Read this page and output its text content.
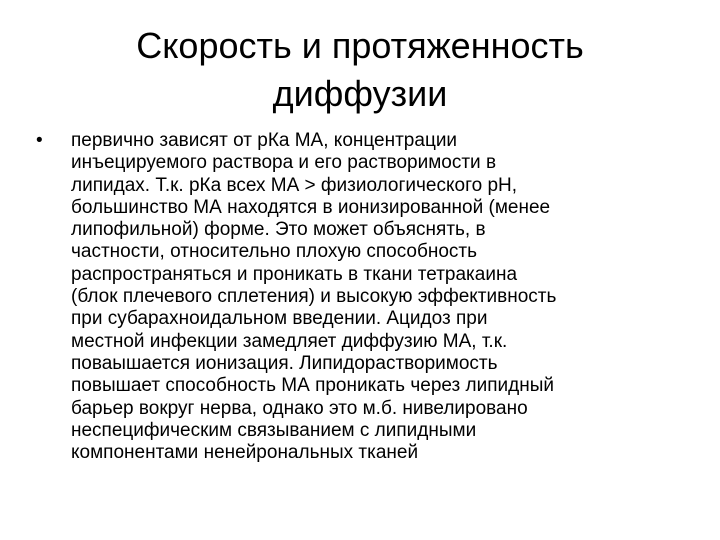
Скорость и протяженность
диффузии
• первично зависят от рКа МА, концентрации
инъецируемого раствора и его растворимости в
липидах. Т.к. рКа всех МА > физиологического рН,
большинство МА находятся в ионизированной (менее
липофильной) форме. Это может объяснять, в
частности, относительно плохую способность
распространяться и проникать в ткани тетракаина
(блок плечевого сплетения) и высокую эффективность
при субарахноидальном введении. Ацидоз при
местной инфекции замедляет диффузию МА, т.к.
поваышается ионизация. Липидорастворимость
повышает способность МА проникать через липидный
барьер вокруг нерва, однако это м.б. нивелировано
неспецифическим связыванием с липидными
компонентами ненейрональных тканей
